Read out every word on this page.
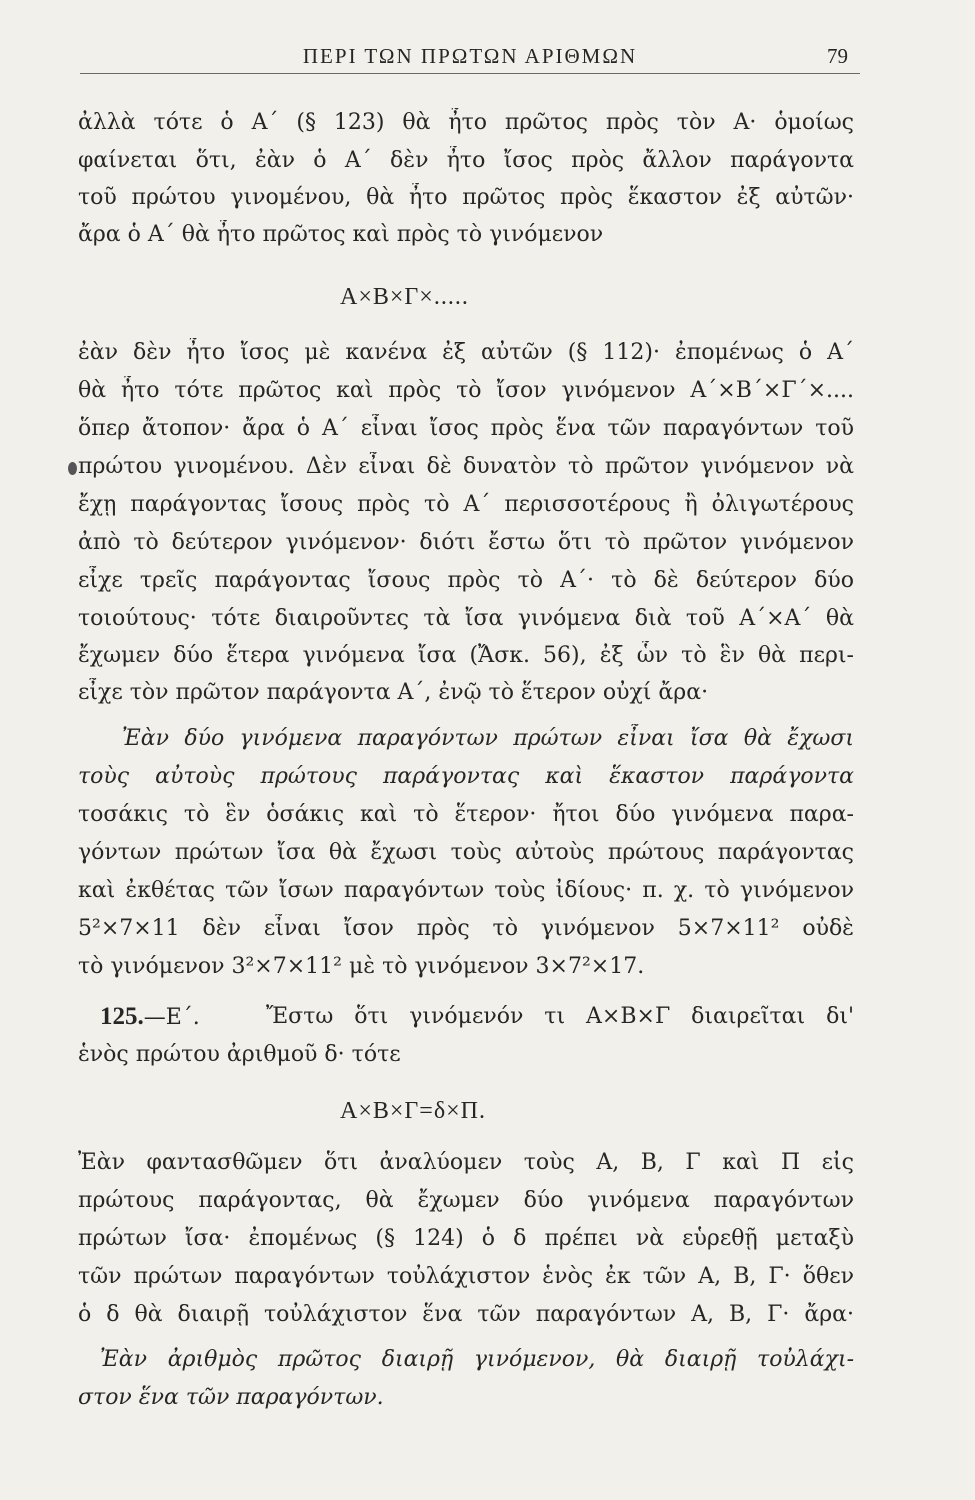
ΠΕΡΙ ΤΩΝ ΠΡΩΤΩΝ ΑΡΙΘΜΩΝ	79
ἀλλὰ τότε ὁ Α΄ (§ 123) θὰ ἦτο πρῶτος πρὸς τὸν Α· ὁμοίως
φαίνεται ὅτι, ἐὰν ὁ Α΄ δὲν ἦτο ἴσος πρὸς ἄλλον παράγοντα
τοῦ πρώτου γινομένου, θὰ ἦτο πρῶτος πρὸς ἕκαστον ἐξ αὐτῶν·
ἄρα ὁ Α΄ θὰ ἦτο πρῶτος καὶ πρὸς τὸ γινόμενον
Α×Β×Γ×.....
ἐὰν δὲν ἦτο ἴσος μὲ κανένα ἐξ αὐτῶν (§ 112)· ἐπομένως ὁ Α΄
θὰ ἦτο τότε πρῶτος καὶ πρὸς τὸ ἴσον γινόμενον Α΄×Β΄×Γ΄×....
ὅπερ ἄτοπον· ἄρα ὁ Α΄ εἶναι ἴσος πρὸς ἕνα τῶν παραγόντων τοῦ
πρώτου γινομένου. Δὲν εἶναι δὲ δυνατὸν τὸ πρῶτον γινόμενον νὰ
ἔχῃ παράγοντας ἴσους πρὸς τὸ Α΄ περισσοτέρους ἢ ὀλιγωτέρους
ἀπὸ τὸ δεύτερον γινόμενον· διότι ἔστω ὅτι τὸ πρῶτον γινόμενον
εἶχε τρεῖς παράγοντας ἴσους πρὸς τὸ Α΄· τὸ δὲ δεύτερον δύο
τοιούτους· τότε διαιροῦντες τὰ ἴσα γινόμενα διὰ τοῦ Α΄×Α΄ θὰ
ἔχωμεν δύο ἕτερα γινόμενα ἴσα (Ἄσκ. 56), ἐξ ὧν τὸ ἓν θὰ περι-
εἶχε τὸν πρῶτον παράγοντα Α΄, ἐνῷ τὸ ἕτερον οὐχί ἄρα·
Ἐὰν δύο γινόμενα παραγόντων πρώτων εἶναι ἴσα θὰ ἔχωσι
τοὺς αὐτοὺς πρώτους παράγοντας καὶ ἕκαστον παράγοντα
τοσάκις τὸ ἓν ὁσάκις καὶ τὸ ἕτερον· ἤτοι δύο γινόμενα παρα-
γόντων πρώτων ἴσα θὰ ἔχωσι τοὺς αὐτοὺς πρώτους παράγοντας
καὶ ἐκθέτας τῶν ἴσων παραγόντων τοὺς ἰδίους· π. χ. τὸ γινόμενον
5²×7×11 δὲν εἶναι ἴσον πρὸς τὸ γινόμενον 5×7×11² οὐδὲ
τὸ γινόμενον 3²×7×11² μὲ τὸ γινόμενον 3×7²×17.
125.—Ε΄.	Ἔστω ὅτι γινόμενόν τι Α×Β×Γ διαιρεῖται δι'
ἑνὸς πρώτου ἀριθμοῦ δ· τότε
Α×Β×Γ=δ×Π.
Ἐὰν φαντασθῶμεν ὅτι ἀναλύομεν τοὺς Α, Β, Γ καὶ Π εἰς
πρώτους παράγοντας, θὰ ἔχωμεν δύο γινόμενα παραγόντων
πρώτων ἴσα· ἐπομένως (§ 124) ὁ δ πρέπει νὰ εὑρεθῇ μεταξὺ
τῶν πρώτων παραγόντων τοὐλάχιστον ἑνὸς ἐκ τῶν Α, Β, Γ· ὅθεν
ὁ δ θὰ διαιρῇ τοὐλάχιστον ἕνα τῶν παραγόντων Α, Β, Γ· ἄρα·
Ἐὰν ἀριθμὸς πρῶτος διαιρῇ γινόμενον, θὰ διαιρῇ τοὐλάχι-
στον ἕνα τῶν παραγόντων.
